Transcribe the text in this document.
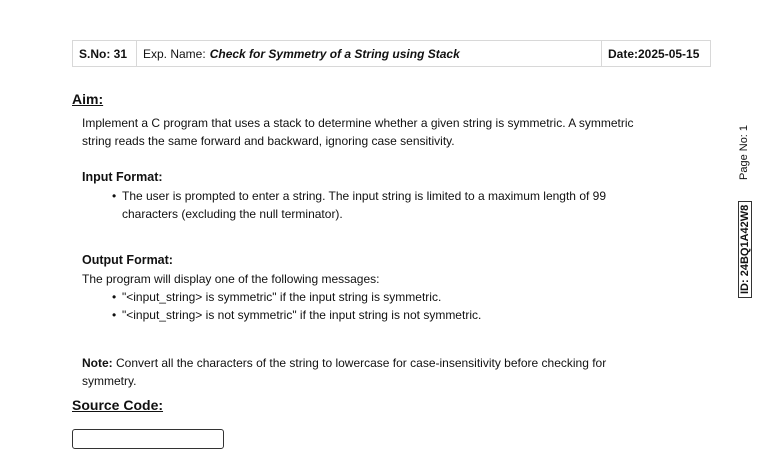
S.No: 31	Exp. Name: Check for Symmetry of a String using Stack	Date:2025-05-15

Aim:

Implement a C program that uses a stack to determine whether a given string is symmetric. A symmetric

string reads the same forward and backward, ignoring case sensitivity.

Input Format:

• The user is prompted to enter a string. The input string is limited to a maximum length of 99
characters (excluding the null terminator).

Output Format:

The program will display one of the following messages:

• "<input_string> is symmetric" if the input string is symmetric.
• "<input_string> is not symmetric" if the input string is not symmetric.

Note: Convert all the characters of the string to lowercase for case-insensitivity before checking for

symmetry.

Source Code:

Page No: 1
ID: 24BQ1A42W8
